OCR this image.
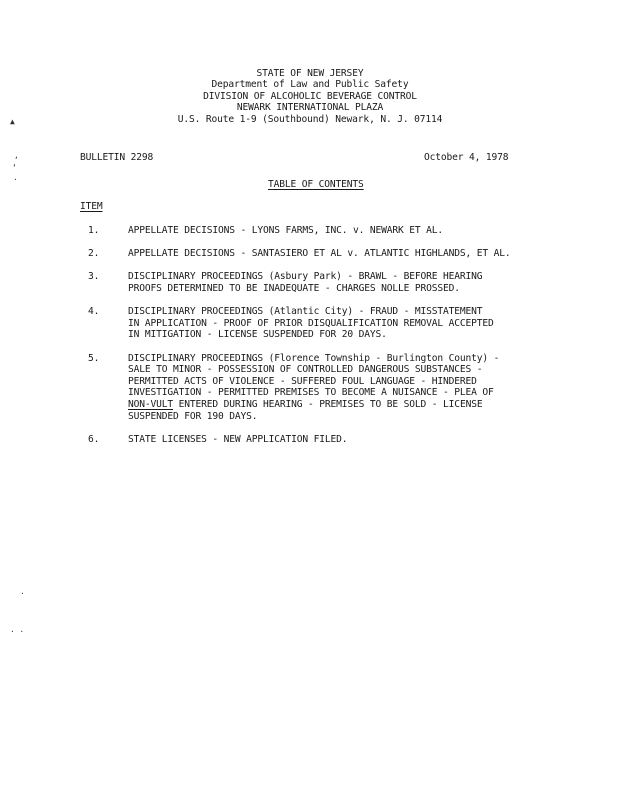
▲
,
‘
·
·
· ·
STATE OF NEW JERSEY
Department of Law and Public Safety
DIVISION OF ALCOHOLIC BEVERAGE CONTROL
NEWARK INTERNATIONAL PLAZA
U.S. Route 1-9 (Southbound) Newark, N. J. 07114
BULLETIN 2298	October 4, 1978
TABLE OF CONTENTS
ITEM
1.	APPELLATE DECISIONS - LYONS FARMS, INC. v. NEWARK ET AL.
2.	APPELLATE DECISIONS - SANTASIERO ET AL v. ATLANTIC HIGHLANDS, ET AL.
3.	DISCIPLINARY PROCEEDINGS (Asbury Park) - BRAWL - BEFORE HEARING
PROOFS DETERMINED TO BE INADEQUATE - CHARGES NOLLE PROSSED.
4.	DISCIPLINARY PROCEEDINGS (Atlantic City) - FRAUD - MISSTATEMENT
IN APPLICATION - PROOF OF PRIOR DISQUALIFICATION REMOVAL ACCEPTED
IN MITIGATION - LICENSE SUSPENDED FOR 20 DAYS.
5.	DISCIPLINARY PROCEEDINGS (Florence Township - Burlington County) -
SALE TO MINOR - POSSESSION OF CONTROLLED DANGEROUS SUBSTANCES -
PERMITTED ACTS OF VIOLENCE - SUFFERED FOUL LANGUAGE - HINDERED
INVESTIGATION - PERMITTED PREMISES TO BECOME A NUISANCE - PLEA OF
NON-VULT ENTERED DURING HEARING - PREMISES TO BE SOLD - LICENSE
SUSPENDED FOR 190 DAYS.
6.	STATE LICENSES - NEW APPLICATION FILED.
